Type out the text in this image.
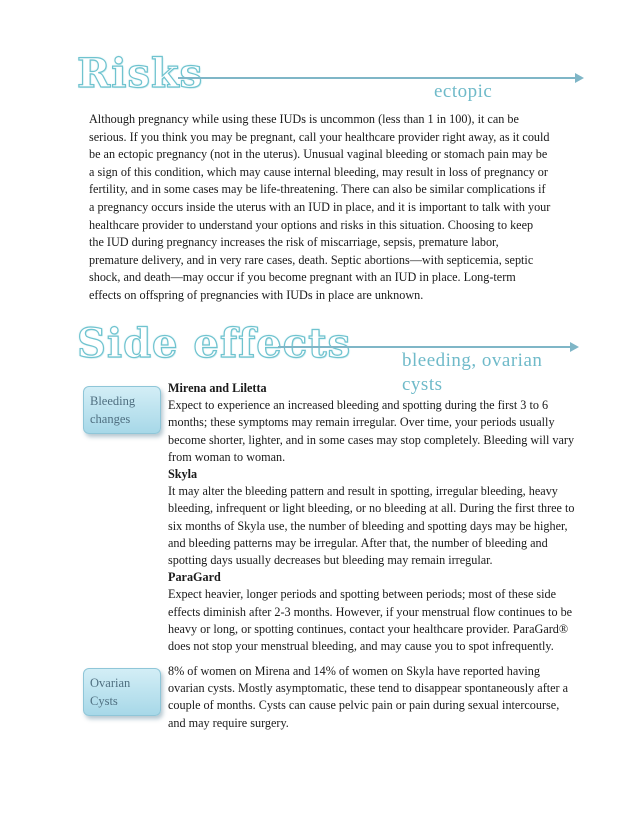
Risks	ectopic
Although pregnancy while using these IUDs is uncommon (less than 1 in 100), it can be serious. If you think you may be pregnant, call your healthcare provider right away, as it could be an ectopic pregnancy (not in the uterus). Unusual vaginal bleeding or stomach pain may be a sign of this condition, which may cause internal bleeding, may result in loss of pregnancy or fertility, and in some cases may be life-threatening. There can also be similar complications if a pregnancy occurs inside the uterus with an IUD in place, and it is important to talk with your healthcare provider to understand your options and risks in this situation. Choosing to keep the IUD during pregnancy increases the risk of miscarriage, sepsis, premature labor, premature delivery, and in very rare cases, death. Septic abortions—with septicemia, septic shock, and death—may occur if you become pregnant with an IUD in place. Long-term effects on offspring of pregnancies with IUDs in place are unknown.
Side effects	bleeding, ovarian
cysts
Bleeding changes

Mirena and Liletta

Expect to experience an increased bleeding and spotting during the first 3 to 6 months; these symptoms may remain irregular. Over time, your periods usually become shorter, lighter, and in some cases may stop completely. Bleeding will vary from woman to woman.

Skyla

It may alter the bleeding pattern and result in spotting, irregular bleeding, heavy bleeding, infrequent or light bleeding, or no bleeding at all. During the first three to six months of Skyla use, the number of bleeding and spotting days may be higher, and bleeding patterns may be irregular. After that, the number of bleeding and spotting days usually decreases but bleeding may remain irregular.

ParaGard

Expect heavier, longer periods and spotting between periods; most of these side effects diminish after 2-3 months. However, if your menstrual flow continues to be heavy or long, or spotting continues, contact your healthcare provider. ParaGard® does not stop your menstrual bleeding, and may cause you to spot infrequently.

Ovarian Cysts
8% of women on Mirena and 14% of women on Skyla have reported having ovarian cysts. Mostly asymptomatic, these tend to disappear spontaneously after a couple of months. Cysts can cause pelvic pain or pain during sexual intercourse, and may require surgery.
